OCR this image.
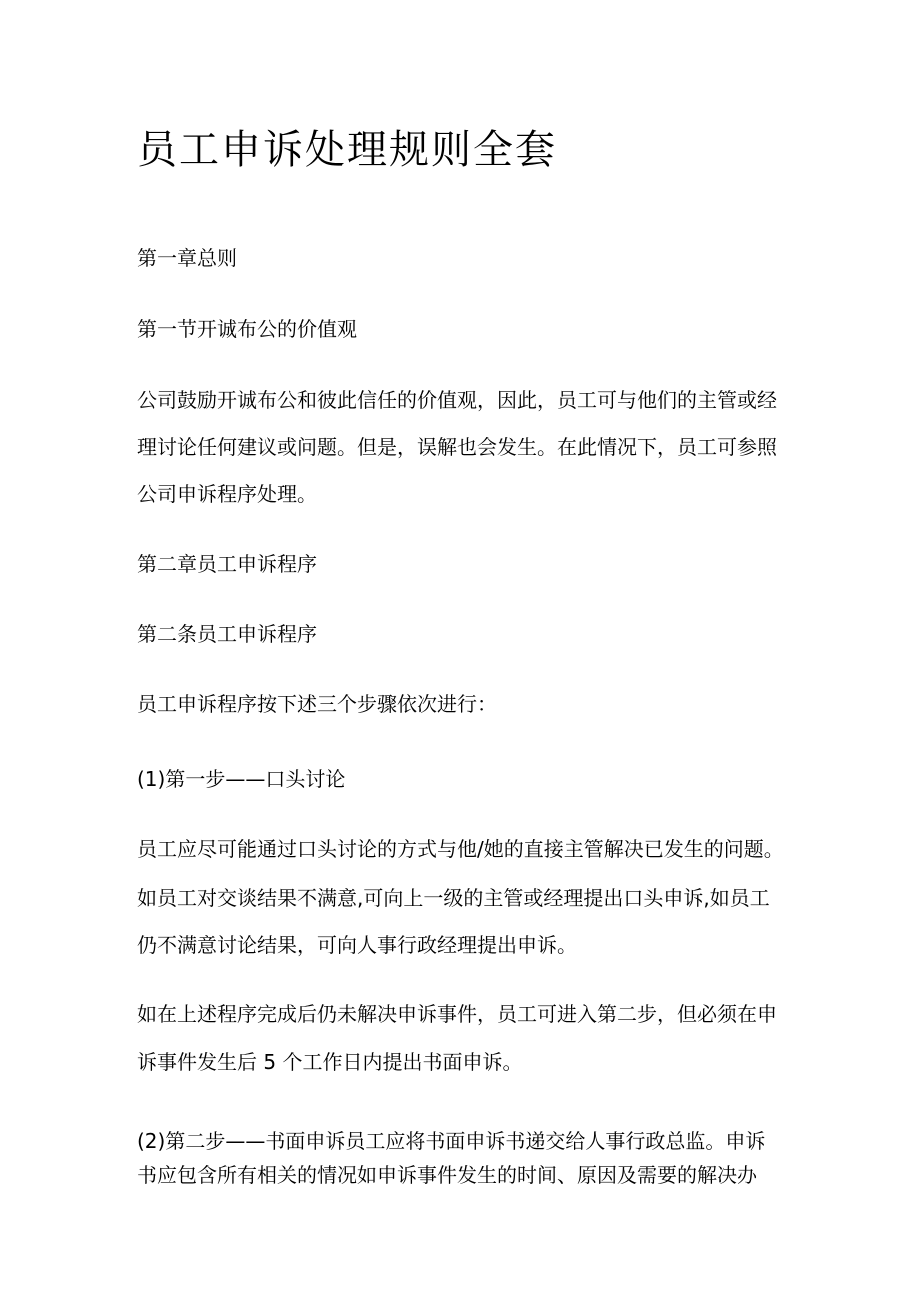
员工申诉处理规则全套

第一章总则

第一节开诚布公的价值观

公司鼓励开诚布公和彼此信任的价值观，因此，员工可与他们的主管或经

理讨论任何建议或问题。但是，误解也会发生。在此情况下，员工可参照

公司申诉程序处理。

第二章员工申诉程序

第二条员工申诉程序

员工申诉程序按下述三个步骤依次进行：

(1)第一步——口头讨论

员工应尽可能通过口头讨论的方式与他/她的直接主管解决已发生的问题。

如员工对交谈结果不满意,可向上一级的主管或经理提出口头申诉,如员工

仍不满意讨论结果，可向人事行政经理提出申诉。

如在上述程序完成后仍未解决申诉事件，员工可进入第二步，但必须在申

诉事件发生后 5 个工作日内提出书面申诉。

(2)第二步——书面申诉员工应将书面申诉书递交给人事行政总监。申诉

书应包含所有相关的情况如申诉事件发生的时间、原因及需要的解决办
